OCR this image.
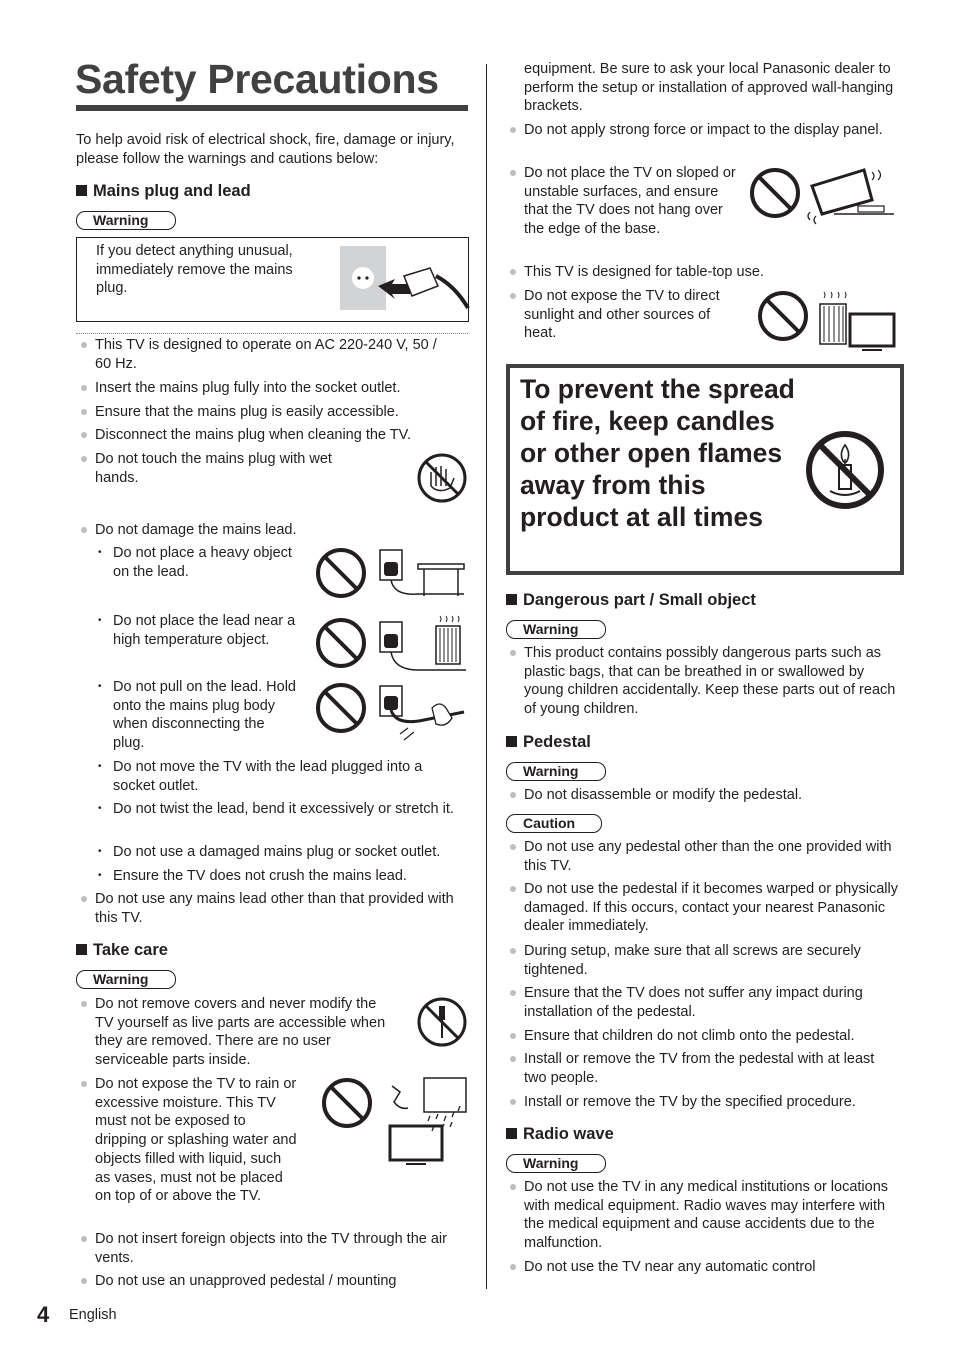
Safety Precautions
To help avoid risk of electrical shock, fire, damage or injury, please follow the warnings and cautions below:
Mains plug and lead
Warning
If you detect anything unusual, immediately remove the mains plug.
This TV is designed to operate on AC 220-240 V, 50 / 60 Hz.
Insert the mains plug fully into the socket outlet.
Ensure that the mains plug is easily accessible.
Disconnect the mains plug when cleaning the TV.
Do not touch the mains plug with wet hands.
Do not damage the mains lead.
• Do not place a heavy object on the lead.
• Do not place the lead near a high temperature object.
• Do not pull on the lead. Hold onto the mains plug body when disconnecting the plug.
• Do not move the TV with the lead plugged into a socket outlet.
• Do not twist the lead, bend it excessively or stretch it.
• Do not use a damaged mains plug or socket outlet.
• Ensure the TV does not crush the mains lead.
Do not use any mains lead other than that provided with this TV.
Take care
Warning
Do not remove covers and never modify the TV yourself as live parts are accessible when they are removed. There are no user serviceable parts inside.
Do not expose the TV to rain or excessive moisture. This TV must not be exposed to dripping or splashing water and objects filled with liquid, such as vases, must not be placed on top of or above the TV.
Do not insert foreign objects into the TV through the air vents.
Do not use an unapproved pedestal / mounting
equipment. Be sure to ask your local Panasonic dealer to perform the setup or installation of approved wall-hanging brackets.
Do not apply strong force or impact to the display panel.
Do not place the TV on sloped or unstable surfaces, and ensure that the TV does not hang over the edge of the base.
This TV is designed for table-top use.
Do not expose the TV to direct sunlight and other sources of heat.
To prevent the spread of fire, keep candles or other open flames away from this product at all times
Dangerous part / Small object
Warning
This product contains possibly dangerous parts such as plastic bags, that can be breathed in or swallowed by young children accidentally. Keep these parts out of reach of young children.
Pedestal
Warning
Do not disassemble or modify the pedestal.
Caution
Do not use any pedestal other than the one provided with this TV.
Do not use the pedestal if it becomes warped or physically damaged. If this occurs, contact your nearest Panasonic dealer immediately.
During setup, make sure that all screws are securely tightened.
Ensure that the TV does not suffer any impact during installation of the pedestal.
Ensure that children do not climb onto the pedestal.
Install or remove the TV from the pedestal with at least two people.
Install or remove the TV by the specified procedure.
Radio wave
Warning
Do not use the TV in any medical institutions or locations with medical equipment. Radio waves may interfere with the medical equipment and cause accidents due to the malfunction.
Do not use the TV near any automatic control
4 English
